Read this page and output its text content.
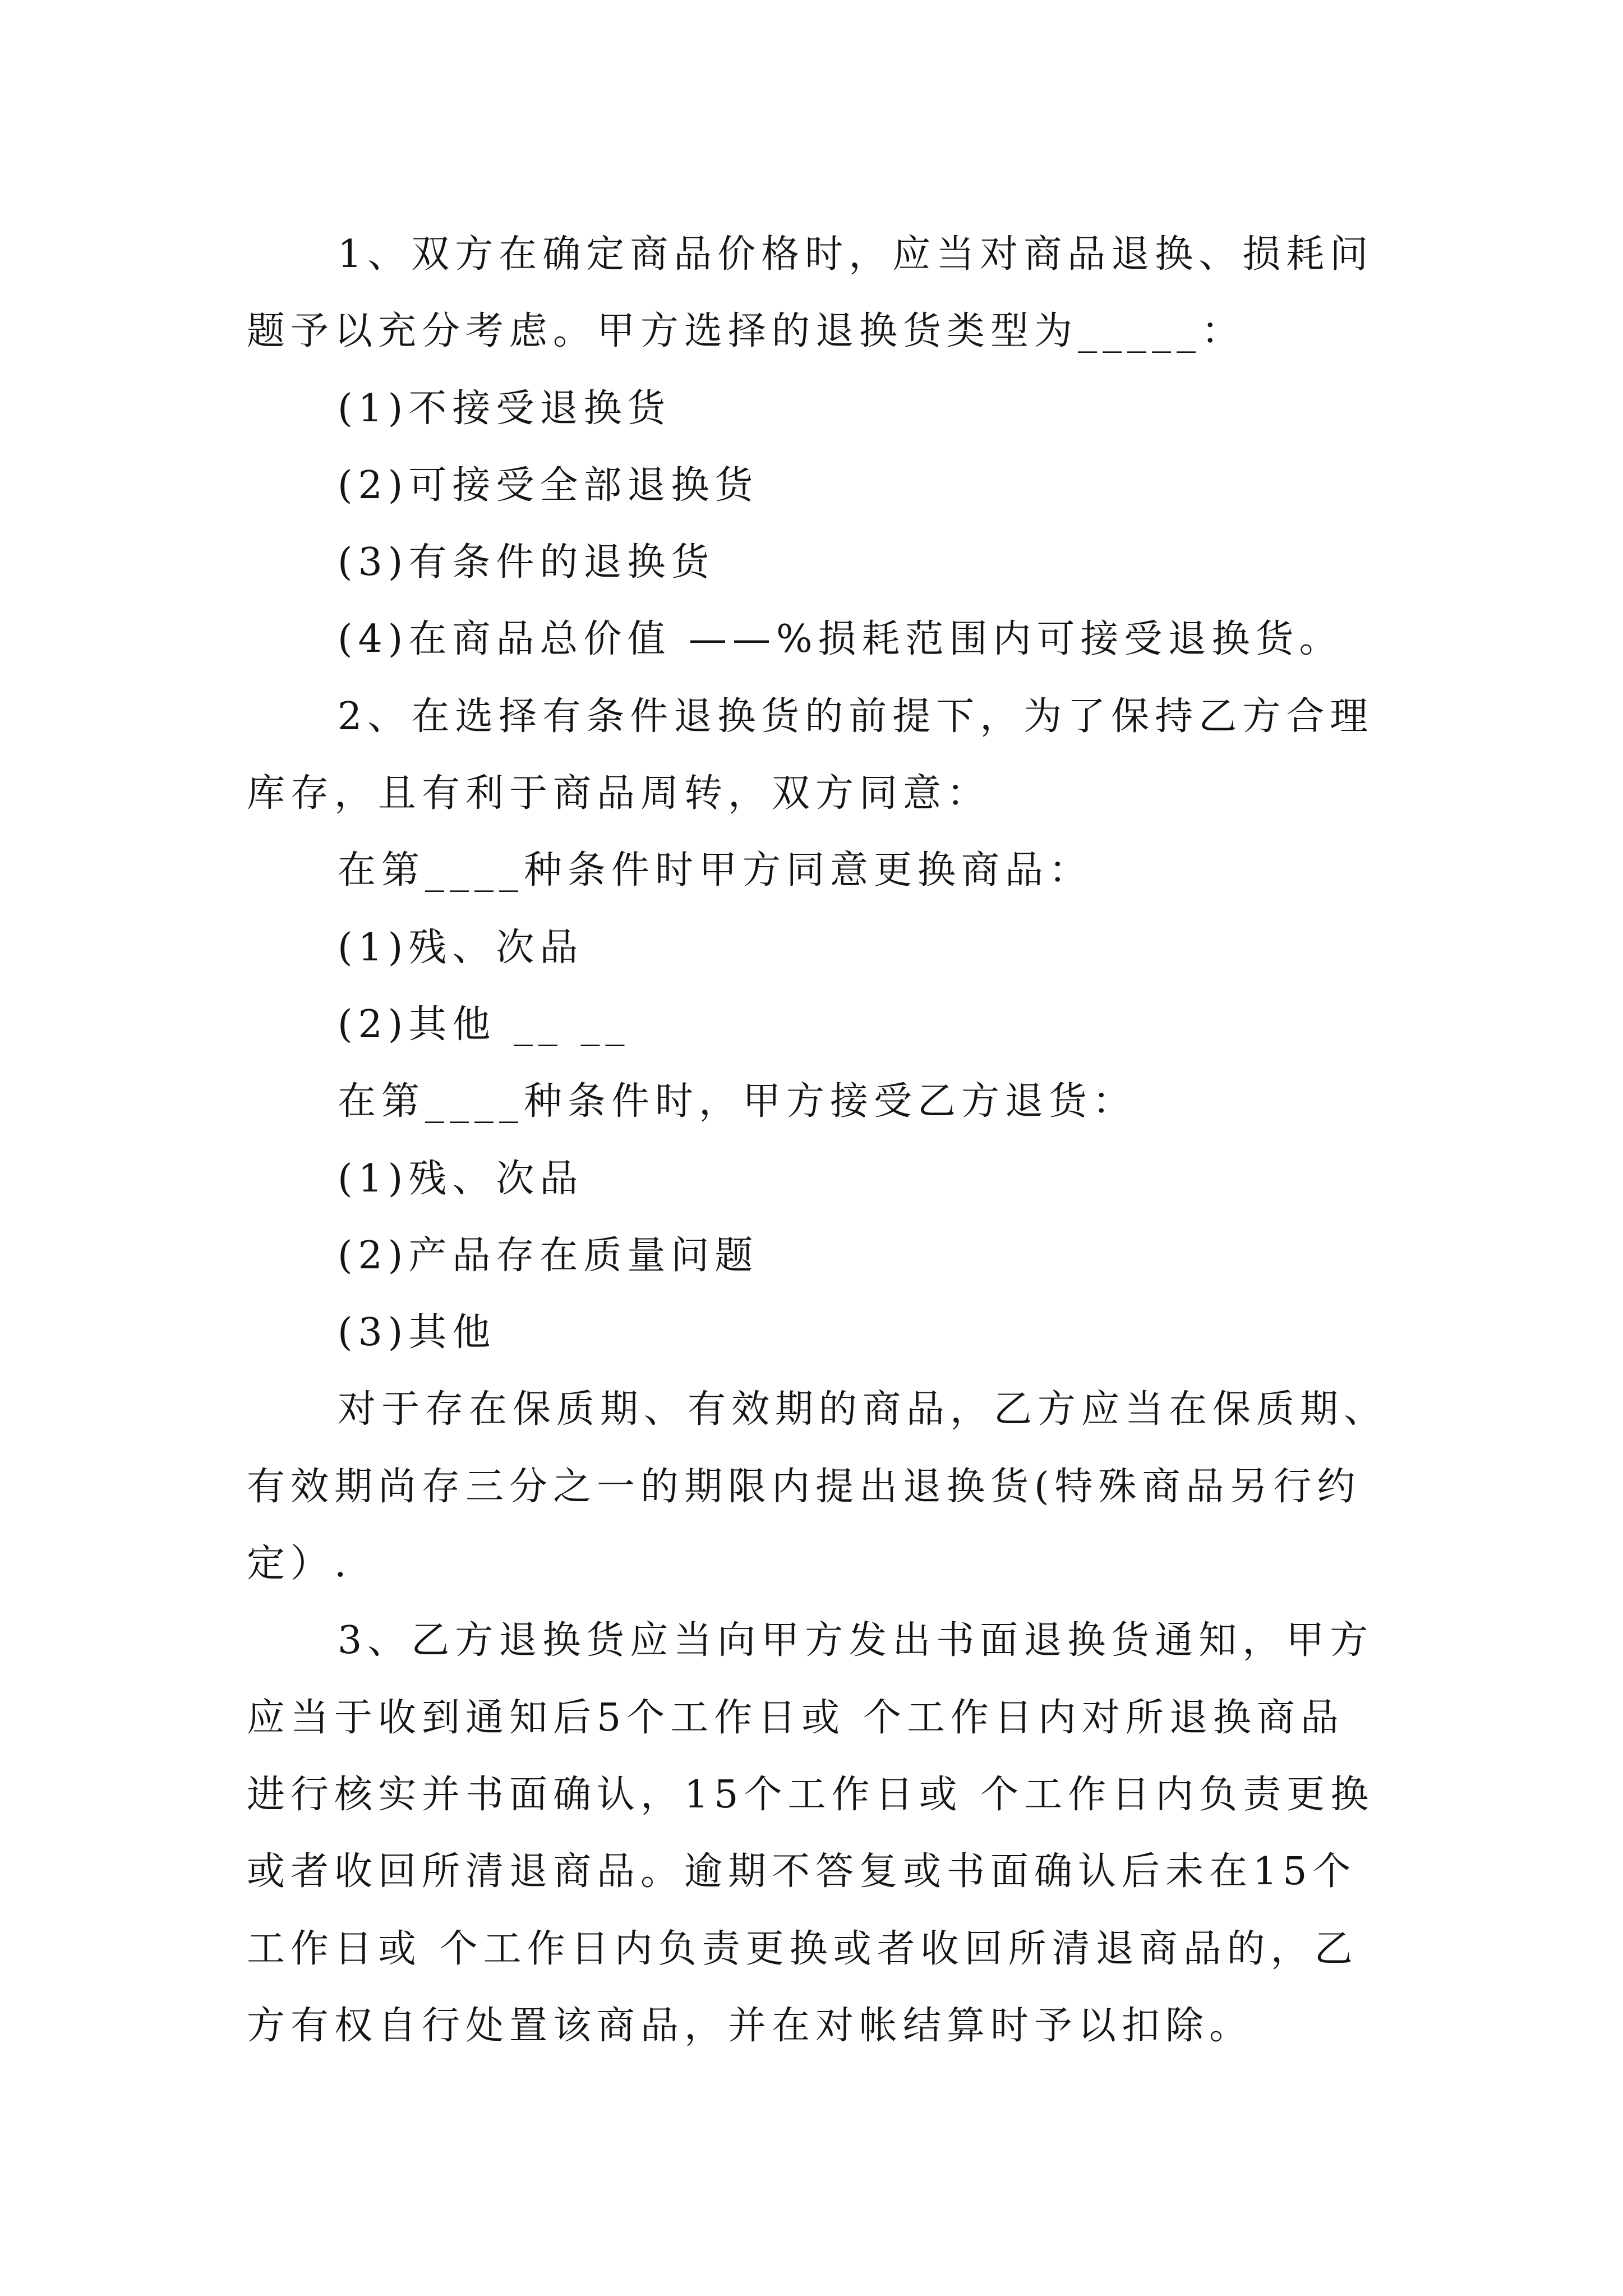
1、双方在确定商品价格时，应当对商品退换、损耗问
题予以充分考虑。甲方选择的退换货类型为_____：
(1)不接受退换货
(2)可接受全部退换货
(3)有条件的退换货
(4)在商品总价值 ——%损耗范围内可接受退换货。
2、在选择有条件退换货的前提下，为了保持乙方合理
库存，且有利于商品周转，双方同意：
在第____种条件时甲方同意更换商品：
(1)残、次品
(2)其他 __ __
在第____种条件时，甲方接受乙方退货：
(1)残、次品
(2)产品存在质量问题
(3)其他
对于存在保质期、有效期的商品，乙方应当在保质期、
有效期尚存三分之一的期限内提出退换货(特殊商品另行约
定）.
3、乙方退换货应当向甲方发出书面退换货通知，甲方
应当于收到通知后5个工作日或 个工作日内对所退换商品
进行核实并书面确认，15个工作日或 个工作日内负责更换
或者收回所清退商品。逾期不答复或书面确认后未在15个
工作日或 个工作日内负责更换或者收回所清退商品的，乙
方有权自行处置该商品，并在对帐结算时予以扣除。
